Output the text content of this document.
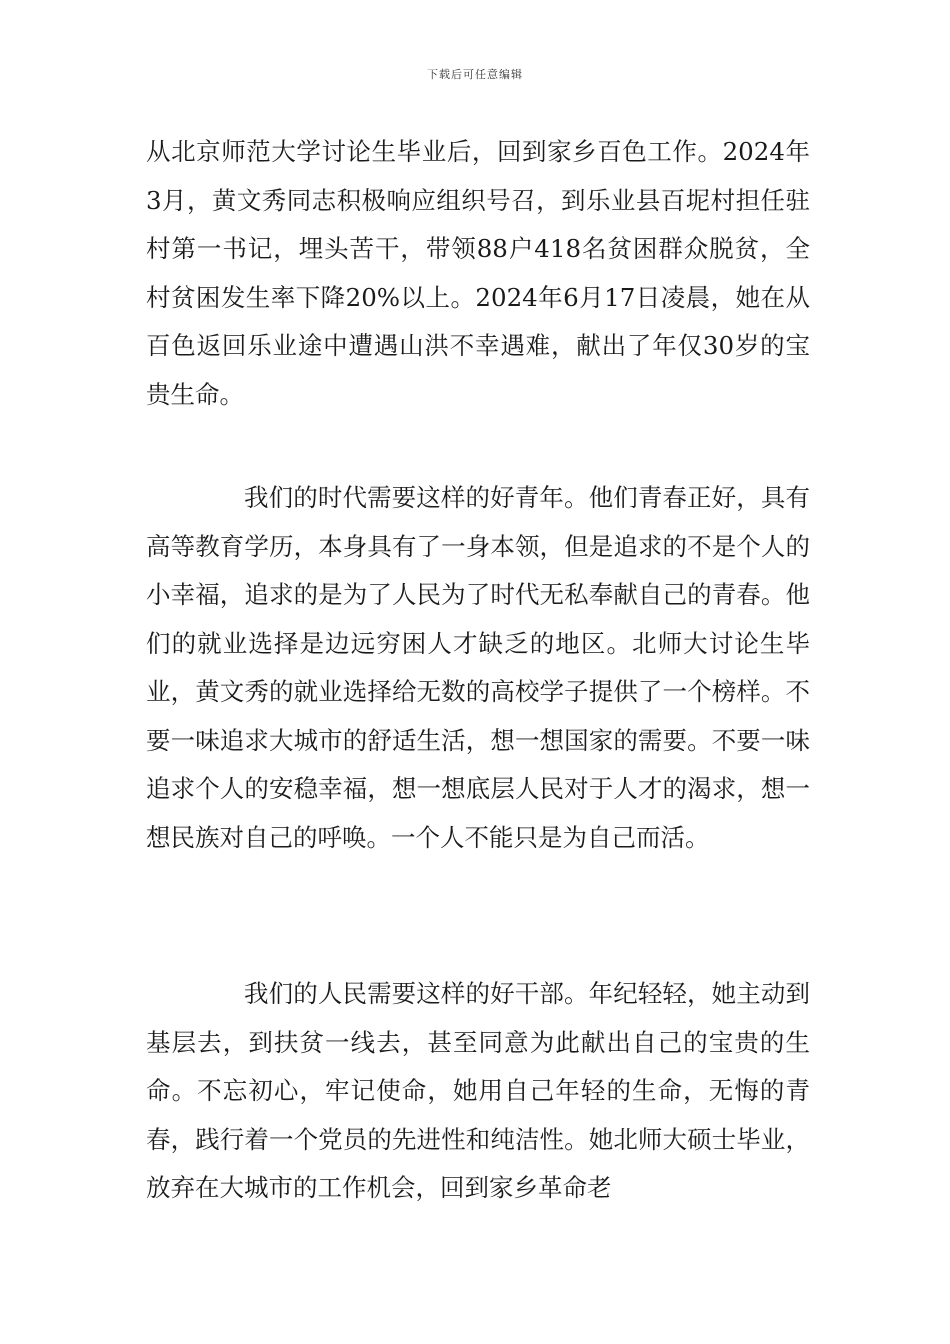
下载后可任意编辑

从北京师范大学讨论生毕业后，回到家乡百色工作。2024年3月，黄文秀同志积极响应组织号召，到乐业县百坭村担任驻村第一书记，埋头苦干，带领88户418名贫困群众脱贫，全村贫困发生率下降20%以上。2024年6月17日凌晨，她在从百色返回乐业途中遭遇山洪不幸遇难，献出了年仅30岁的宝贵生命。

我们的时代需要这样的好青年。他们青春正好，具有高等教育学历，本身具有了一身本领，但是追求的不是个人的小幸福，追求的是为了人民为了时代无私奉献自己的青春。他们的就业选择是边远穷困人才缺乏的地区。北师大讨论生毕业，黄文秀的就业选择给无数的高校学子提供了一个榜样。不要一味追求大城市的舒适生活，想一想国家的需要。不要一味追求个人的安稳幸福，想一想底层人民对于人才的渴求，想一想民族对自己的呼唤。一个人不能只是为自己而活。

我们的人民需要这样的好干部。年纪轻轻，她主动到基层去，到扶贫一线去，甚至同意为此献出自己的宝贵的生命。不忘初心，牢记使命，她用自己年轻的生命，无悔的青春，践行着一个党员的先进性和纯洁性。她北师大硕士毕业，放弃在大城市的工作机会，回到家乡革命老
